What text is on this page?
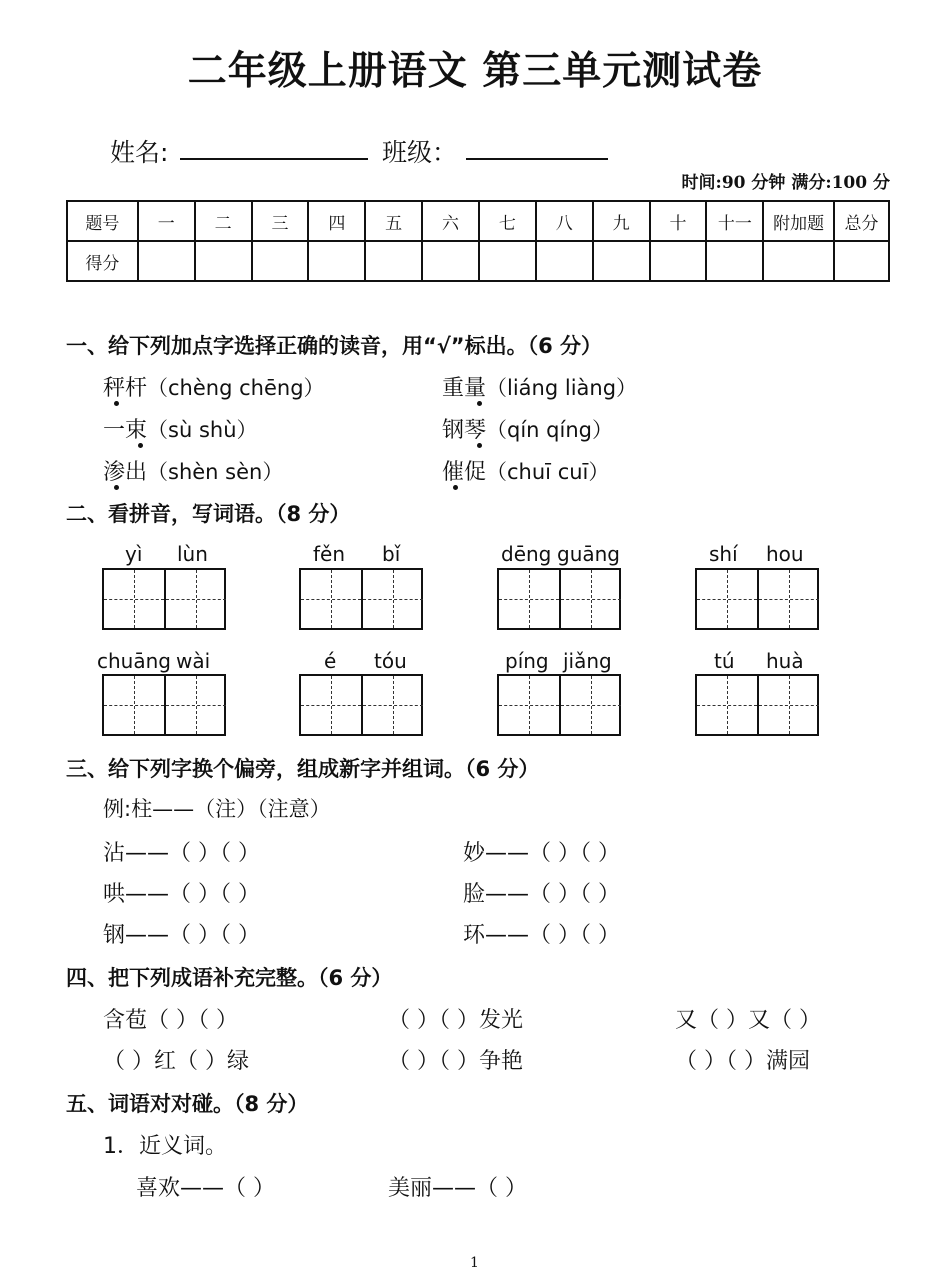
二年级上册语文 第三单元测试卷
姓名:	班级：
时间:90 分钟 满分:100 分
题号	一	二	三	四	五	六	七	八	九	十	十一	附加题	总分
得分													
一、给下列加点字选择正确的读音，用“√”标出。（6 分）
秤杆（chèng chēng）	重量（liáng liàng）
一束（sù shù）	钢琴（qín qíng）
渗出（shèn sèn）	催促（chuī cuī）
二、看拼音，写词语。（8 分）
yì lùn	fěn bǐ	dēng guāng	shí hou
chuāng wài	é tóu	píng jiǎng	tú huà
三、给下列字换个偏旁，组成新字并组词。（6 分）
例:柱——（注）（注意）
沾——（ ）（ ）	妙——（ ）（ ）
哄——（ ）（ ）	脸——（ ）（ ）
钢——（ ）（ ）	环——（ ）（ ）
四、把下列成语补充完整。（6 分）
含苞（ ）（ ）	（ ）（ ）发光	又（ ）又（ ）
（ ）红（ ）绿	（ ）（ ）争艳	（ ）（ ）满园
五、词语对对碰。（8 分）
1．近义词。
喜欢——（ ）	美丽——（ ）
1
